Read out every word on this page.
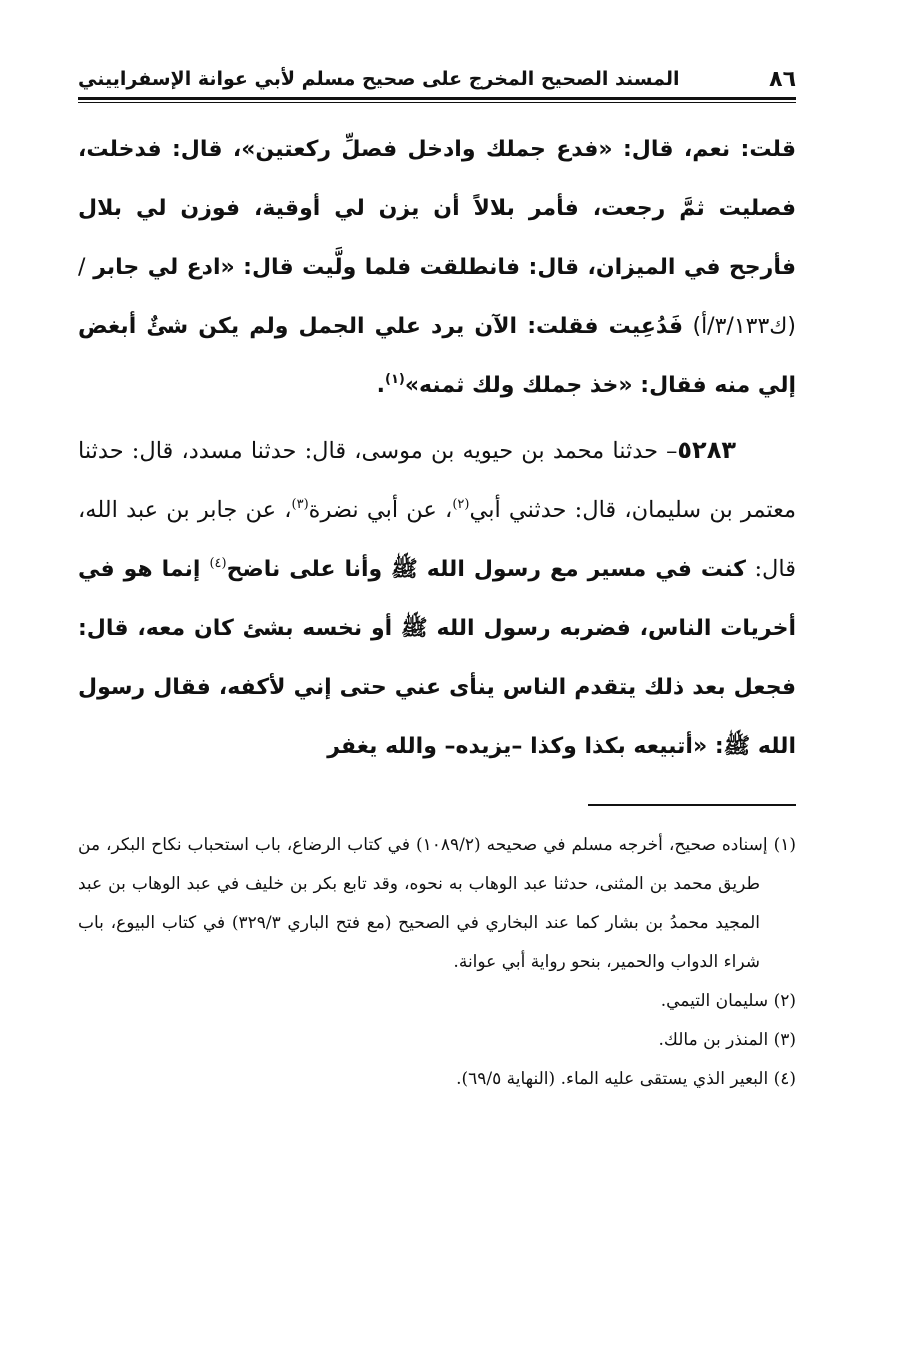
٨٦
المسند الصحيح المخرج على صحيح مسلم لأبي عوانة الإسفراييني

قلت: نعم، قال: «فدع جملك وادخل فصلِّ ركعتين»، قال: فدخلت، فصليت ثمَّ رجعت، فأمر بلالاً أن يزن لي أوقية، فوزن لي بلال فأرجح في الميزان، قال: فانطلقت فلما ولَّيت قال: «ادع لي جابر / (ك٣/١٣٣/أ) فَدُعِيت فقلت: الآن يرد علي الجمل ولم يكن شئٌ أبغض إلي منه فقال: «خذ جملك ولك ثمنه»$^{(١)}$.

٥٢٨٣– حدثنا محمد بن حيويه بن موسى، قال: حدثنا مسدد، قال: حدثنا معتمر بن سليمان، قال: حدثني أبي$^{(٢)}$، عن أبي نضرة$^{(٣)}$، عن جابر بن عبد الله، قال: كنت في مسير مع رسول الله ﷺ وأنا على ناضح$^{(٤)}$ إنما هو في أخريات الناس، فضربه رسول الله ﷺ أو نخسه بشئ كان معه، قال: فجعل بعد ذلك يتقدم الناس ينأى عني حتى إني لأكفه، فقال رسول الله ﷺ: «أتبيعه بكذا وكذا –يزيده– والله يغفر

(١) إسناده صحيح، أخرجه مسلم في صحيحه (١٠٨٩/٢) في كتاب الرضاع، باب استحباب نكاح البكر، من طريق محمد بن المثنى، حدثنا عبد الوهاب به نحوه، وقد تابع بكر بن خليف في عبد الوهاب بن عبد المجيد محمدُ بن بشار كما عند البخاري في الصحيح (مع فتح الباري ٣٢٩/٣) في كتاب البيوع، باب شراء الدواب والحمير، بنحو رواية أبي عوانة.

(٢) سليمان التيمي.

(٣) المنذر بن مالك.

(٤) البعير الذي يستقى عليه الماء. (النهاية ٦٩/٥).
